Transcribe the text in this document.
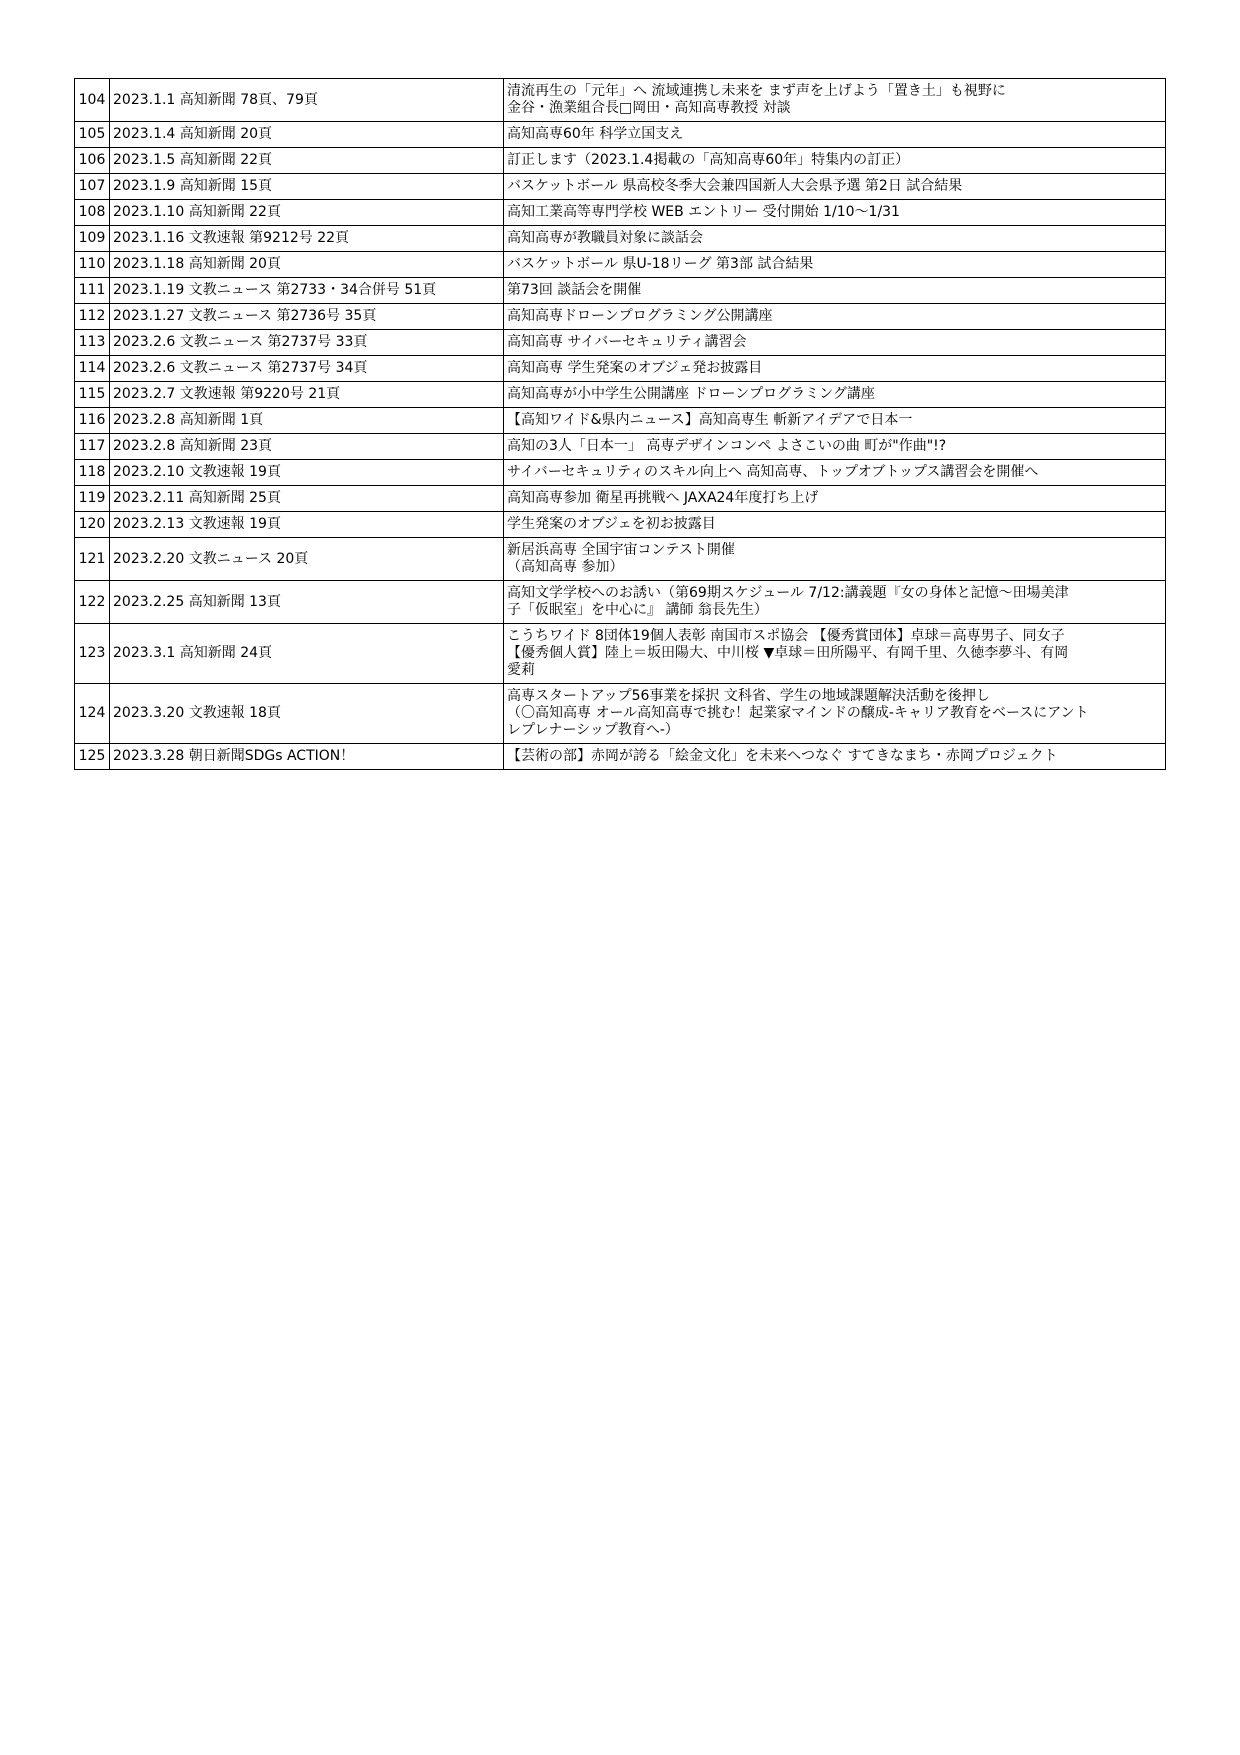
104	2023.1.1 高知新聞 78頁、79頁	清流再生の「元年」へ 流域連携し未来を まず声を上げよう「置き土」も視野に
金谷・漁業組合長□岡田・高知高専教授 対談

105	2023.1.4 高知新聞 20頁	高知高専60年 科学立国支え

106	2023.1.5 高知新聞 22頁	訂正します（2023.1.4掲載の「高知高専60年」特集内の訂正）

107	2023.1.9 高知新聞 15頁	バスケットボール 県高校冬季大会兼四国新人大会県予選 第2日 試合結果

108	2023.1.10 高知新聞 22頁	高知工業高等専門学校 WEB エントリー 受付開始 1/10～1/31

109	2023.1.16 文教速報 第9212号 22頁	高知高専が教職員対象に談話会

110	2023.1.18 高知新聞 20頁	バスケットボール 県U-18リーグ 第3部 試合結果

111	2023.1.19 文教ニュース 第2733・34合併号 51頁	第73回 談話会を開催

112	2023.1.27 文教ニュース 第2736号 35頁	高知高専ドローンプログラミング公開講座

113	2023.2.6 文教ニュース 第2737号 33頁	高知高専 サイバーセキュリティ講習会

114	2023.2.6 文教ニュース 第2737号 34頁	高知高専 学生発案のオブジェ発お披露目

115	2023.2.7 文教速報 第9220号 21頁	高知高専が小中学生公開講座 ドローンプログラミング講座

116	2023.2.8 高知新聞 1頁	【高知ワイド&県内ニュース】高知高専生 斬新アイデアで日本一

117	2023.2.8 高知新聞 23頁	高知の3人「日本一」 高専デザインコンペ よさこいの曲 町が"作曲"!?

118	2023.2.10 文教速報 19頁	サイバーセキュリティのスキル向上へ 高知高専、トップオブトップス講習会を開催へ

119	2023.2.11 高知新聞 25頁	高知高専参加 衛星再挑戦へ JAXA24年度打ち上げ

120	2023.2.13 文教速報 19頁	学生発案のオブジェを初お披露目

121	2023.2.20 文教ニュース 20頁	新居浜高専 全国宇宙コンテスト開催
（高知高専 参加）

122	2023.2.25 高知新聞 13頁	高知文学学校へのお誘い（第69期スケジュール 7/12:講義題『女の身体と記憶～田場美津
子「仮眠室」を中心に』 講師 翁長先生）

123	2023.3.1 高知新聞 24頁	こうちワイド 8団体19個人表彰 南国市スポ協会 【優秀賞団体】卓球＝高専男子、同女子
【優秀個人賞】陸上＝坂田陽大、中川桜 ▼卓球＝田所陽平、有岡千里、久徳李夢斗、有岡
愛莉

124	2023.3.20 文教速報 18頁	高専スタートアップ56事業を採択 文科省、学生の地域課題解決活動を後押し
（〇高知高専 オール高知高専で挑む！起業家マインドの醸成-キャリア教育をベースにアント
レプレナーシップ教育へ-）

125	2023.3.28 朝日新聞SDGs ACTION！	【芸術の部】赤岡が誇る「絵金文化」を未来へつなぐ すてきなまち・赤岡プロジェクト
